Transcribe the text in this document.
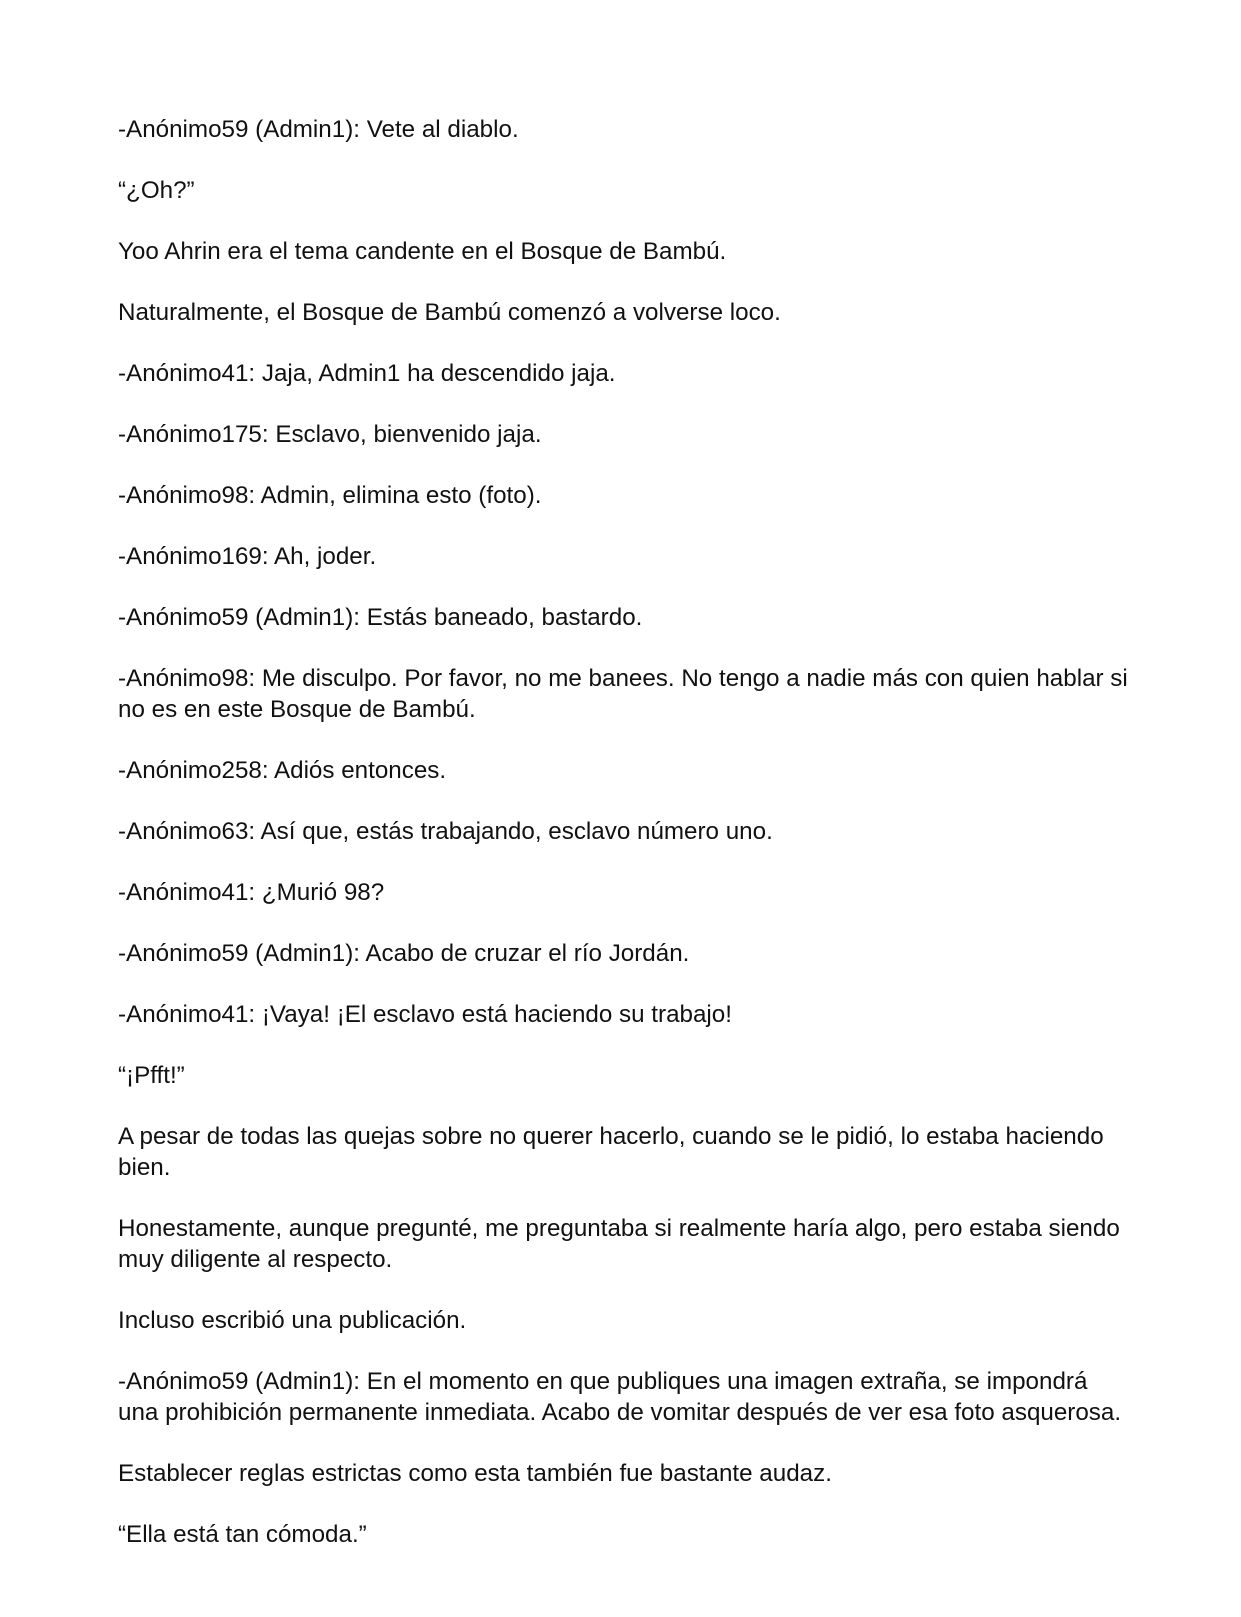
-Anónimo59 (Admin1): Vete al diablo.

“¿Oh?”

Yoo Ahrin era el tema candente en el Bosque de Bambú.

Naturalmente, el Bosque de Bambú comenzó a volverse loco.

-Anónimo41: Jaja, Admin1 ha descendido jaja.

-Anónimo175: Esclavo, bienvenido jaja.

-Anónimo98: Admin, elimina esto (foto).

-Anónimo169: Ah, joder.

-Anónimo59 (Admin1): Estás baneado, bastardo.

-Anónimo98: Me disculpo. Por favor, no me banees. No tengo a nadie más con quien hablar si no es en este Bosque de Bambú.

-Anónimo258: Adiós entonces.

-Anónimo63: Así que, estás trabajando, esclavo número uno.

-Anónimo41: ¿Murió 98?

-Anónimo59 (Admin1): Acabo de cruzar el río Jordán.

-Anónimo41: ¡Vaya! ¡El esclavo está haciendo su trabajo!

“¡Pfft!”

A pesar de todas las quejas sobre no querer hacerlo, cuando se le pidió, lo estaba haciendo bien.

Honestamente, aunque pregunté, me preguntaba si realmente haría algo, pero estaba siendo muy diligente al respecto.

Incluso escribió una publicación.

-Anónimo59 (Admin1): En el momento en que publiques una imagen extraña, se impondrá una prohibición permanente inmediata. Acabo de vomitar después de ver esa foto asquerosa.

Establecer reglas estrictas como esta también fue bastante audaz.

“Ella está tan cómoda.”
